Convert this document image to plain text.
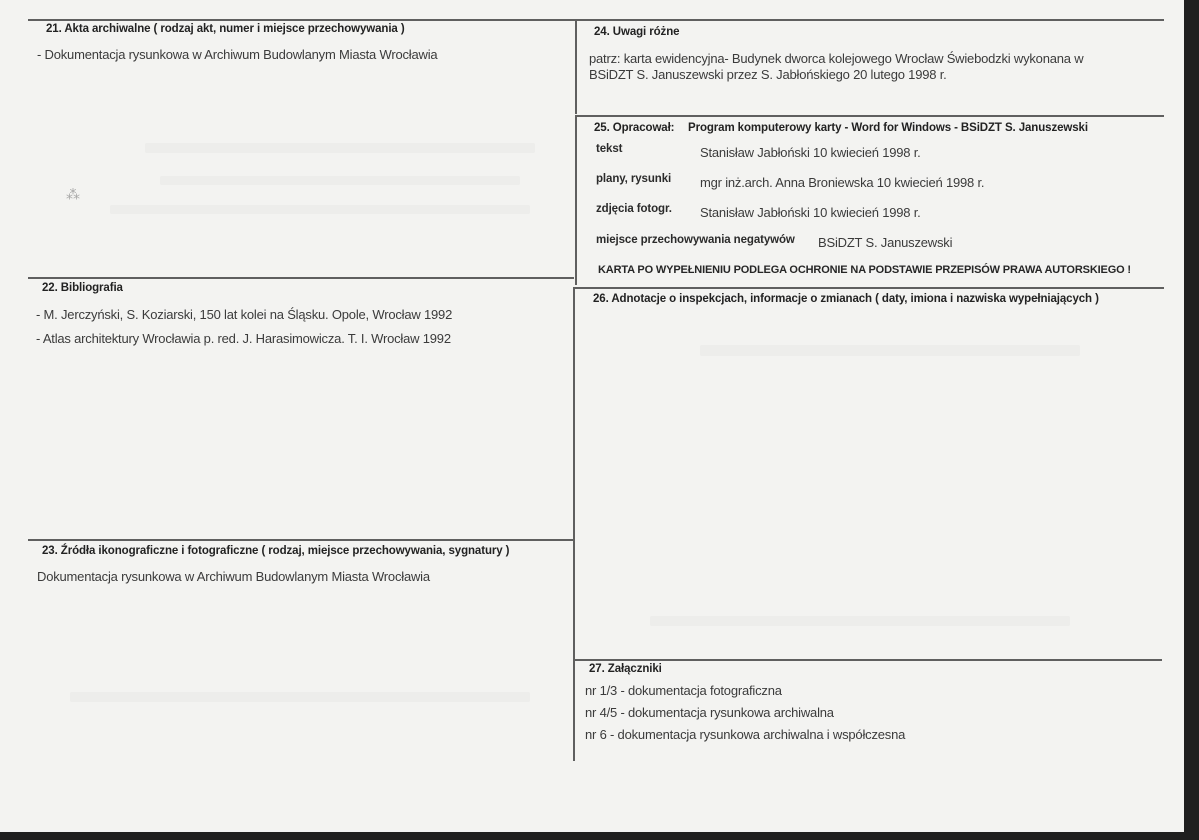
⁂

21. Akta archiwalne ( rodzaj akt, numer i miejsce przechowywania )

- Dokumentacja rysunkowa w Archiwum Budowlanym Miasta Wrocławia

22. Bibliografia

- M. Jerczyński, S. Koziarski, 150 lat kolei na Śląsku. Opole, Wrocław 1992

- Atlas architektury Wrocławia p. red. J. Harasimowicza. T. I. Wrocław 1992

23. Źródła ikonograficzne i fotograficzne ( rodzaj, miejsce przechowywania, sygnatury )

Dokumentacja rysunkowa w Archiwum Budowlanym Miasta Wrocławia

24. Uwagi różne

patrz: karta ewidencyjna- Budynek dworca kolejowego Wrocław Świebodzki wykonana w

BSiDZT S. Januszewski przez S. Jabłońskiego 20 lutego 1998 r.

25. Opracował: Program komputerowy karty - Word for Windows - BSiDZT S. Januszewski

tekst	Stanisław Jabłoński 10 kwiecień 1998 r.

plany, rysunki mgr inż.arch. Anna Broniewska 10 kwiecień 1998 r.

zdjęcia fotogr. Stanisław Jabłoński 10 kwiecień 1998 r.

miejsce przechowywania negatywów BSiDZT S. Januszewski

KARTA PO WYPEŁNIENIU PODLEGA OCHRONIE NA PODSTAWIE PRZEPISÓW PRAWA AUTORSKIEGO !

26. Adnotacje o inspekcjach, informacje o zmianach ( daty, imiona i nazwiska wypełniających )

27. Załączniki

nr 1/3 - dokumentacja fotograficzna

nr 4/5 - dokumentacja rysunkowa archiwalna

nr 6 - dokumentacja rysunkowa archiwalna i współczesna
